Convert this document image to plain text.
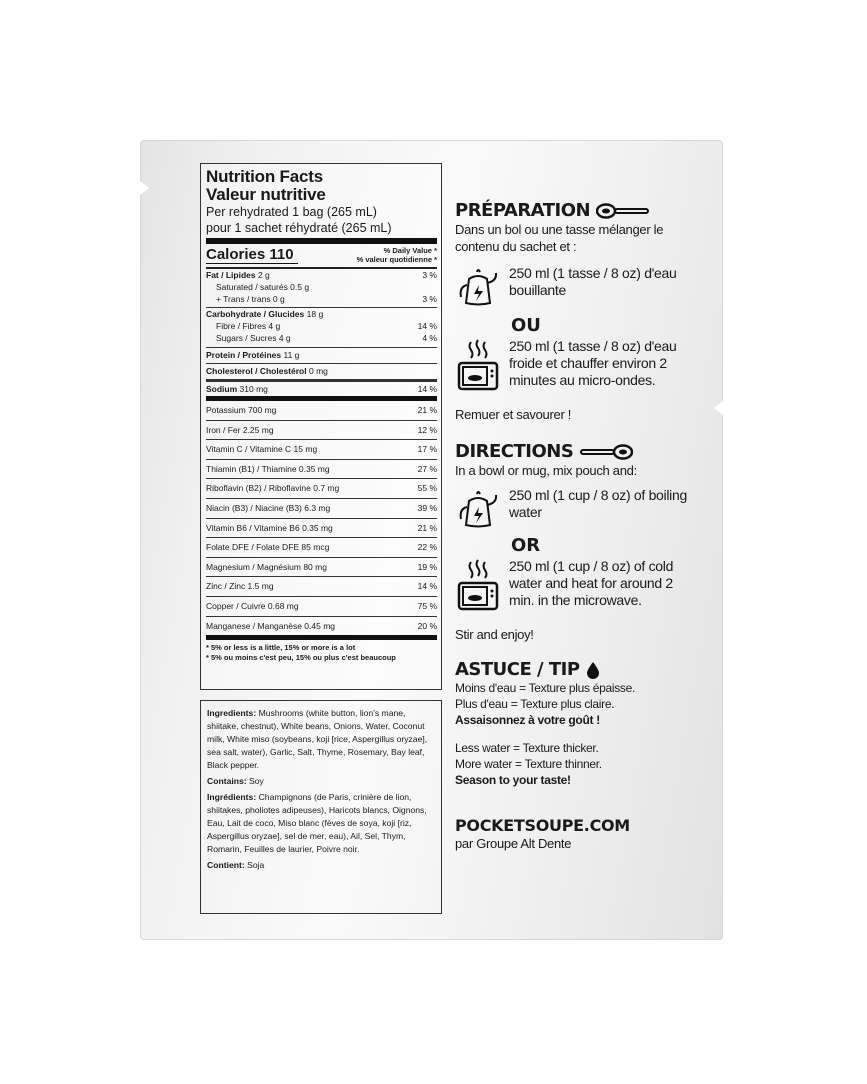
Nutrition Facts
Valeur nutritive
Per rehydrated 1 bag (265 mL)
pour 1 sachet réhydraté (265 mL)
Calories 110	% Daily Value *
% valeur quotidienne *
Fat / Lipides 2 g	3 %
Saturated / saturés 0.5 g
+ Trans / trans 0 g	3 %
Carbohydrate / Glucides 18 g
Fibre / Fibres 4 g	14 %
Sugars / Sucres 4 g	4 %
Protein / Protéines 11 g
Cholesterol / Cholestérol 0 mg
Sodium 310 mg	14 %
Potassium 700 mg	21 %
Iron / Fer 2.25 mg	12 %
Vitamin C / Vitamine C 15 mg	17 %
Thiamin (B1) / Thiamine 0.35 mg	27 %
Riboflavin (B2) / Riboflavine 0.7 mg	55 %
Niacin (B3) / Niacine (B3) 6.3 mg	39 %
Vitamin B6 / Vitamine B6 0.35 mg	21 %
Folate DFE / Folate DFE 85 mcg	22 %
Magnesium / Magnésium 80 mg	19 %
Zinc / Zinc 1.5 mg	14 %
Copper / Cuivre 0.68 mg	75 %
Manganese / Manganèse 0.45 mg	20 %
* 5% or less is a little, 15% or more is a lot
* 5% ou moins c'est peu, 15% ou plus c'est beaucoup

Ingredients: Mushrooms (white button, lion's mane, shiitake, chestnut), White beans, Onions, Water, Coconut milk, White miso (soybeans, koji [rice, Aspergillus oryzae], sea salt, water), Garlic, Salt, Thyme, Rosemary, Bay leaf, Black pepper.

Contains: Soy

Ingrédients: Champignons (de Paris, crinière de lion, shiitakes, pholiotes adipeuses), Haricots blancs, Oignons, Eau, Lait de coco, Miso blanc (fèves de soya, koji [riz, Aspergillus oryzae], sel de mer, eau), Ail, Sel, Thym, Romarin, Feuilles de laurier, Poivre noir.

Contient: Soja

PRÉPARATION
Dans un bol ou une tasse mélanger le contenu du sachet et :
250 ml (1 tasse / 8 oz) d'eau bouillante
OU
250 ml (1 tasse / 8 oz) d'eau froide et chauffer environ 2 minutes au micro-ondes.
Remuer et savourer !
DIRECTIONS
In a bowl or mug, mix pouch and:
250 ml (1 cup / 8 oz) of boiling water
OR
250 ml (1 cup / 8 oz) of cold water and heat for around 2 min. in the microwave.
Stir and enjoy!
ASTUCE / TIP
Moins d'eau = Texture plus épaisse.
Plus d'eau = Texture plus claire.
Assaisonnez à votre goût !
Less water = Texture thicker.
More water = Texture thinner.
Season to your taste!
POCKETSOUPE.COM
par Groupe Alt Dente
